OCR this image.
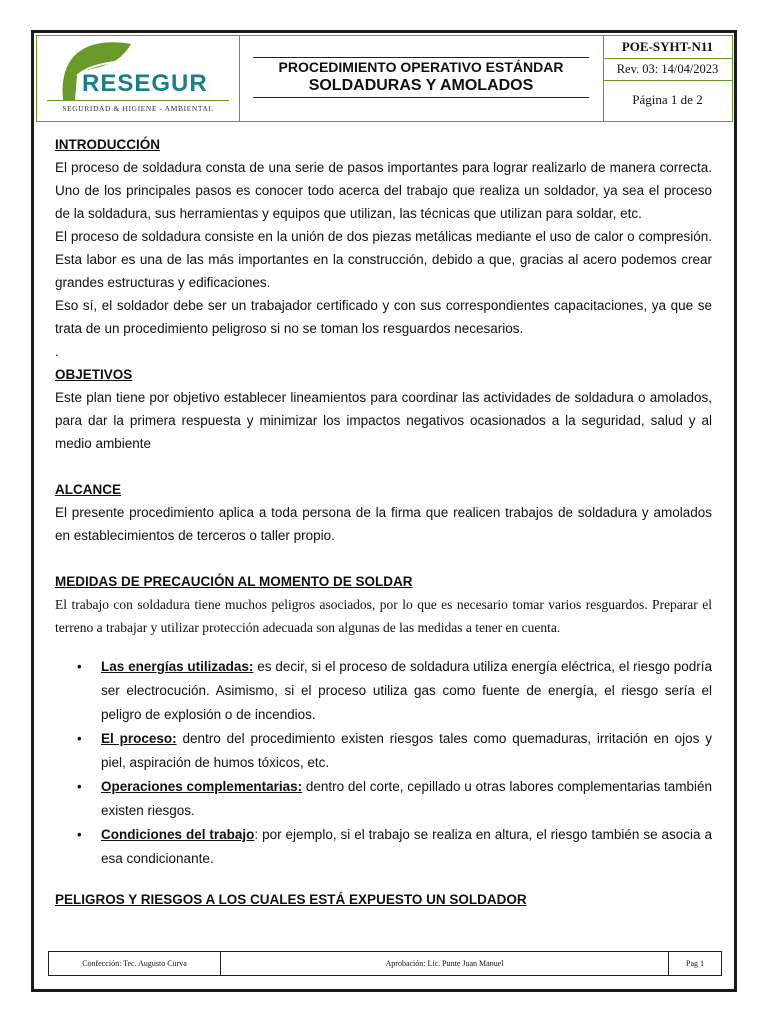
RESEGUR
SEGURIDAD & HIGIENE - AMBIENTAL
PROCEDIMIENTO OPERATIVO ESTÁNDAR
SOLDADURAS Y AMOLADOS
POE-SYHT-N11
Rev. 03: 14/04/2023
Página 1 de 2
INTRODUCCIÓN

El proceso de soldadura consta de una serie de pasos importantes para lograr realizarlo de manera correcta. Uno de los principales pasos es conocer todo acerca del trabajo que realiza un soldador, ya sea el proceso de la soldadura, sus herramientas y equipos que utilizan, las técnicas que utilizan para soldar, etc.

El proceso de soldadura consiste en la unión de dos piezas metálicas mediante el uso de calor o compresión. Esta labor es una de las más importantes en la construcción, debido a que, gracias al acero podemos crear grandes estructuras y edificaciones.

Eso sí, el soldador debe ser un trabajador certificado y con sus correspondientes capacitaciones, ya que se trata de un procedimiento peligroso si no se toman los resguardos necesarios.

.

OBJETIVOS

Este plan tiene por objetivo establecer lineamientos para coordinar las actividades de soldadura o amolados, para dar la primera respuesta y minimizar los impactos negativos ocasionados a la seguridad, salud y al medio ambiente

ALCANCE

El presente procedimiento aplica a toda persona de la firma que realicen trabajos de soldadura y amolados en establecimientos de terceros o taller propio.

MEDIDAS DE PRECAUCIÓN AL MOMENTO DE SOLDAR

El trabajo con soldadura tiene muchos peligros asociados, por lo que es necesario tomar varios resguardos. Preparar el terreno a trabajar y utilizar protección adecuada son algunas de las medidas a tener en cuenta.

• Las energías utilizadas: es decir, si el proceso de soldadura utiliza energía eléctrica, el riesgo podría ser electrocución. Asimismo, si el proceso utiliza gas como fuente de energía, el riesgo sería el peligro de explosión o de incendios.
• El proceso: dentro del procedimiento existen riesgos tales como quemaduras, irritación en ojos y piel, aspiración de humos tóxicos, etc.
• Operaciones complementarias: dentro del corte, cepillado u otras labores complementarias también existen riesgos.
• Condiciones del trabajo: por ejemplo, si el trabajo se realiza en altura, el riesgo también se asocia a esa condicionante.
PELIGROS Y RIESGOS A LOS CUALES ESTÁ EXPUESTO UN SOLDADOR
Confección: Tec. Augusto Curva	Aprobación: Lic. Punte Juan Manuel	Pag 1
